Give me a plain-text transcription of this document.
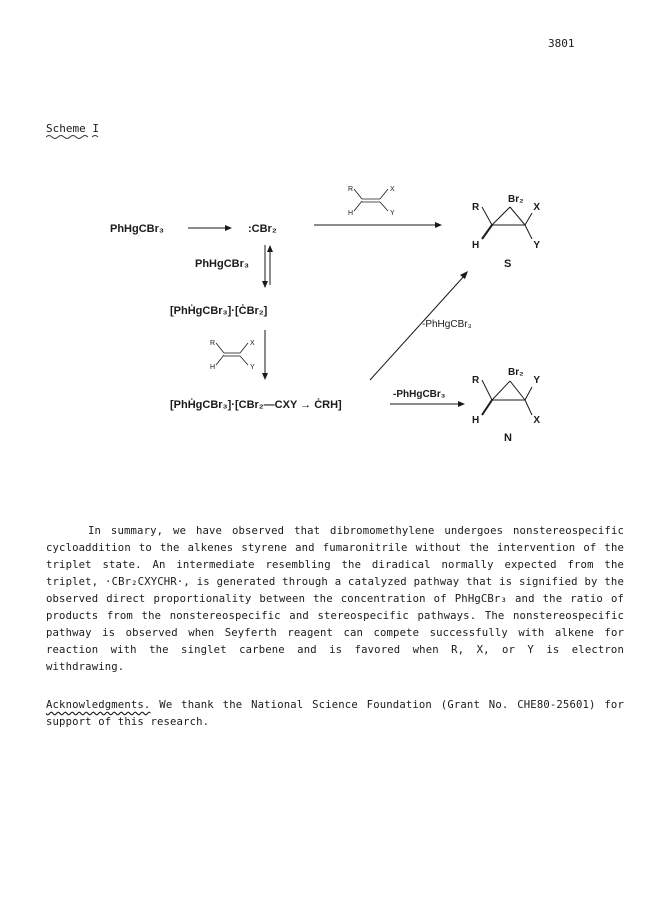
3801
Scheme I
PhHgCBr₃	:CBr₂
R	X
H	Y
Br₂
R	X
H	Y
S
PhHgCBr₃
[PhḢgCBr₃]·[ĊBr₂]
R	X
H	Y
[PhḢgCBr₃]·[CBr₂—CXY → ĊRH]
-PhHgCBr₃
-PhHgCBr₃
Br₂
R	Y
H	X
N
In summary, we have observed that dibromomethylene undergoes nonstereospecific cycloaddition to the alkenes styrene and fumaronitrile without the intervention of the triplet state. An intermediate resembling the diradical normally expected from the triplet, ·CBr₂CXYCHR·, is generated through a catalyzed pathway that is signified by the observed direct proportionality between the concentration of PhHgCBr₃ and the ratio of products from the nonstereospecific and stereospecific pathways. The nonstereospecific pathway is observed when Seyferth reagent can compete successfully with alkene for reaction with the singlet carbene and is favored when R, X, or Y is electron withdrawing.
Acknowledgments. We thank the National Science Foundation (Grant No. CHE80-25601) for support of this research.
